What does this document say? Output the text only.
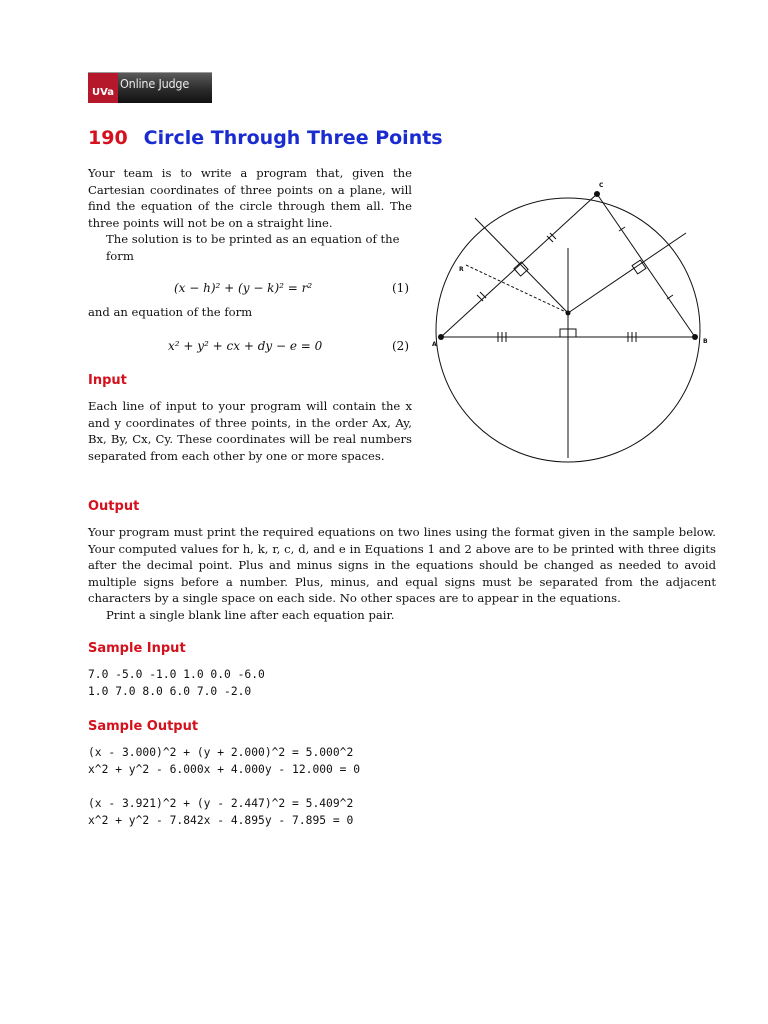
UVa
Online Judge
190 Circle Through Three Points

Your team is to write a program that, given the Cartesian coordinates of three points on a plane, will find the equation of the circle through them all. The three points will not be on a straight line.

The solution is to be printed as an equation of the form

(x − h)² + (y − k)² = r²	(1)

and an equation of the form

x² + y² + cx + dy − e = 0	(2)
Input

Each line of input to your program will contain the x and y coordinates of three points, in the order Ax, Ay, Bx, By, Cx, Cy. These coordinates will be real numbers separated from each other by one or more spaces.

Output

Your program must print the required equations on two lines using the format given in the sample below. Your computed values for h, k, r, c, d, and e in Equations 1 and 2 above are to be printed with three digits after the decimal point. Plus and minus signs in the equations should be changed as needed to avoid multiple signs before a number. Plus, minus, and equal signs must be separated from the adjacent characters by a single space on each side. No other spaces are to appear in the equations.

Print a single blank line after each equation pair.

Sample Input
7.0 -5.0 -1.0 1.0 0.0 -6.0
1.0 7.0 8.0 6.0 7.0 -2.0
Sample Output
(x - 3.000)^2 + (y + 2.000)^2 = 5.000^2
x^2 + y^2 - 6.000x + 4.000y - 12.000 = 0
(x - 3.921)^2 + (y - 2.447)^2 = 5.409^2
x^2 + y^2 - 7.842x - 4.895y - 7.895 = 0
A	B
C
R
